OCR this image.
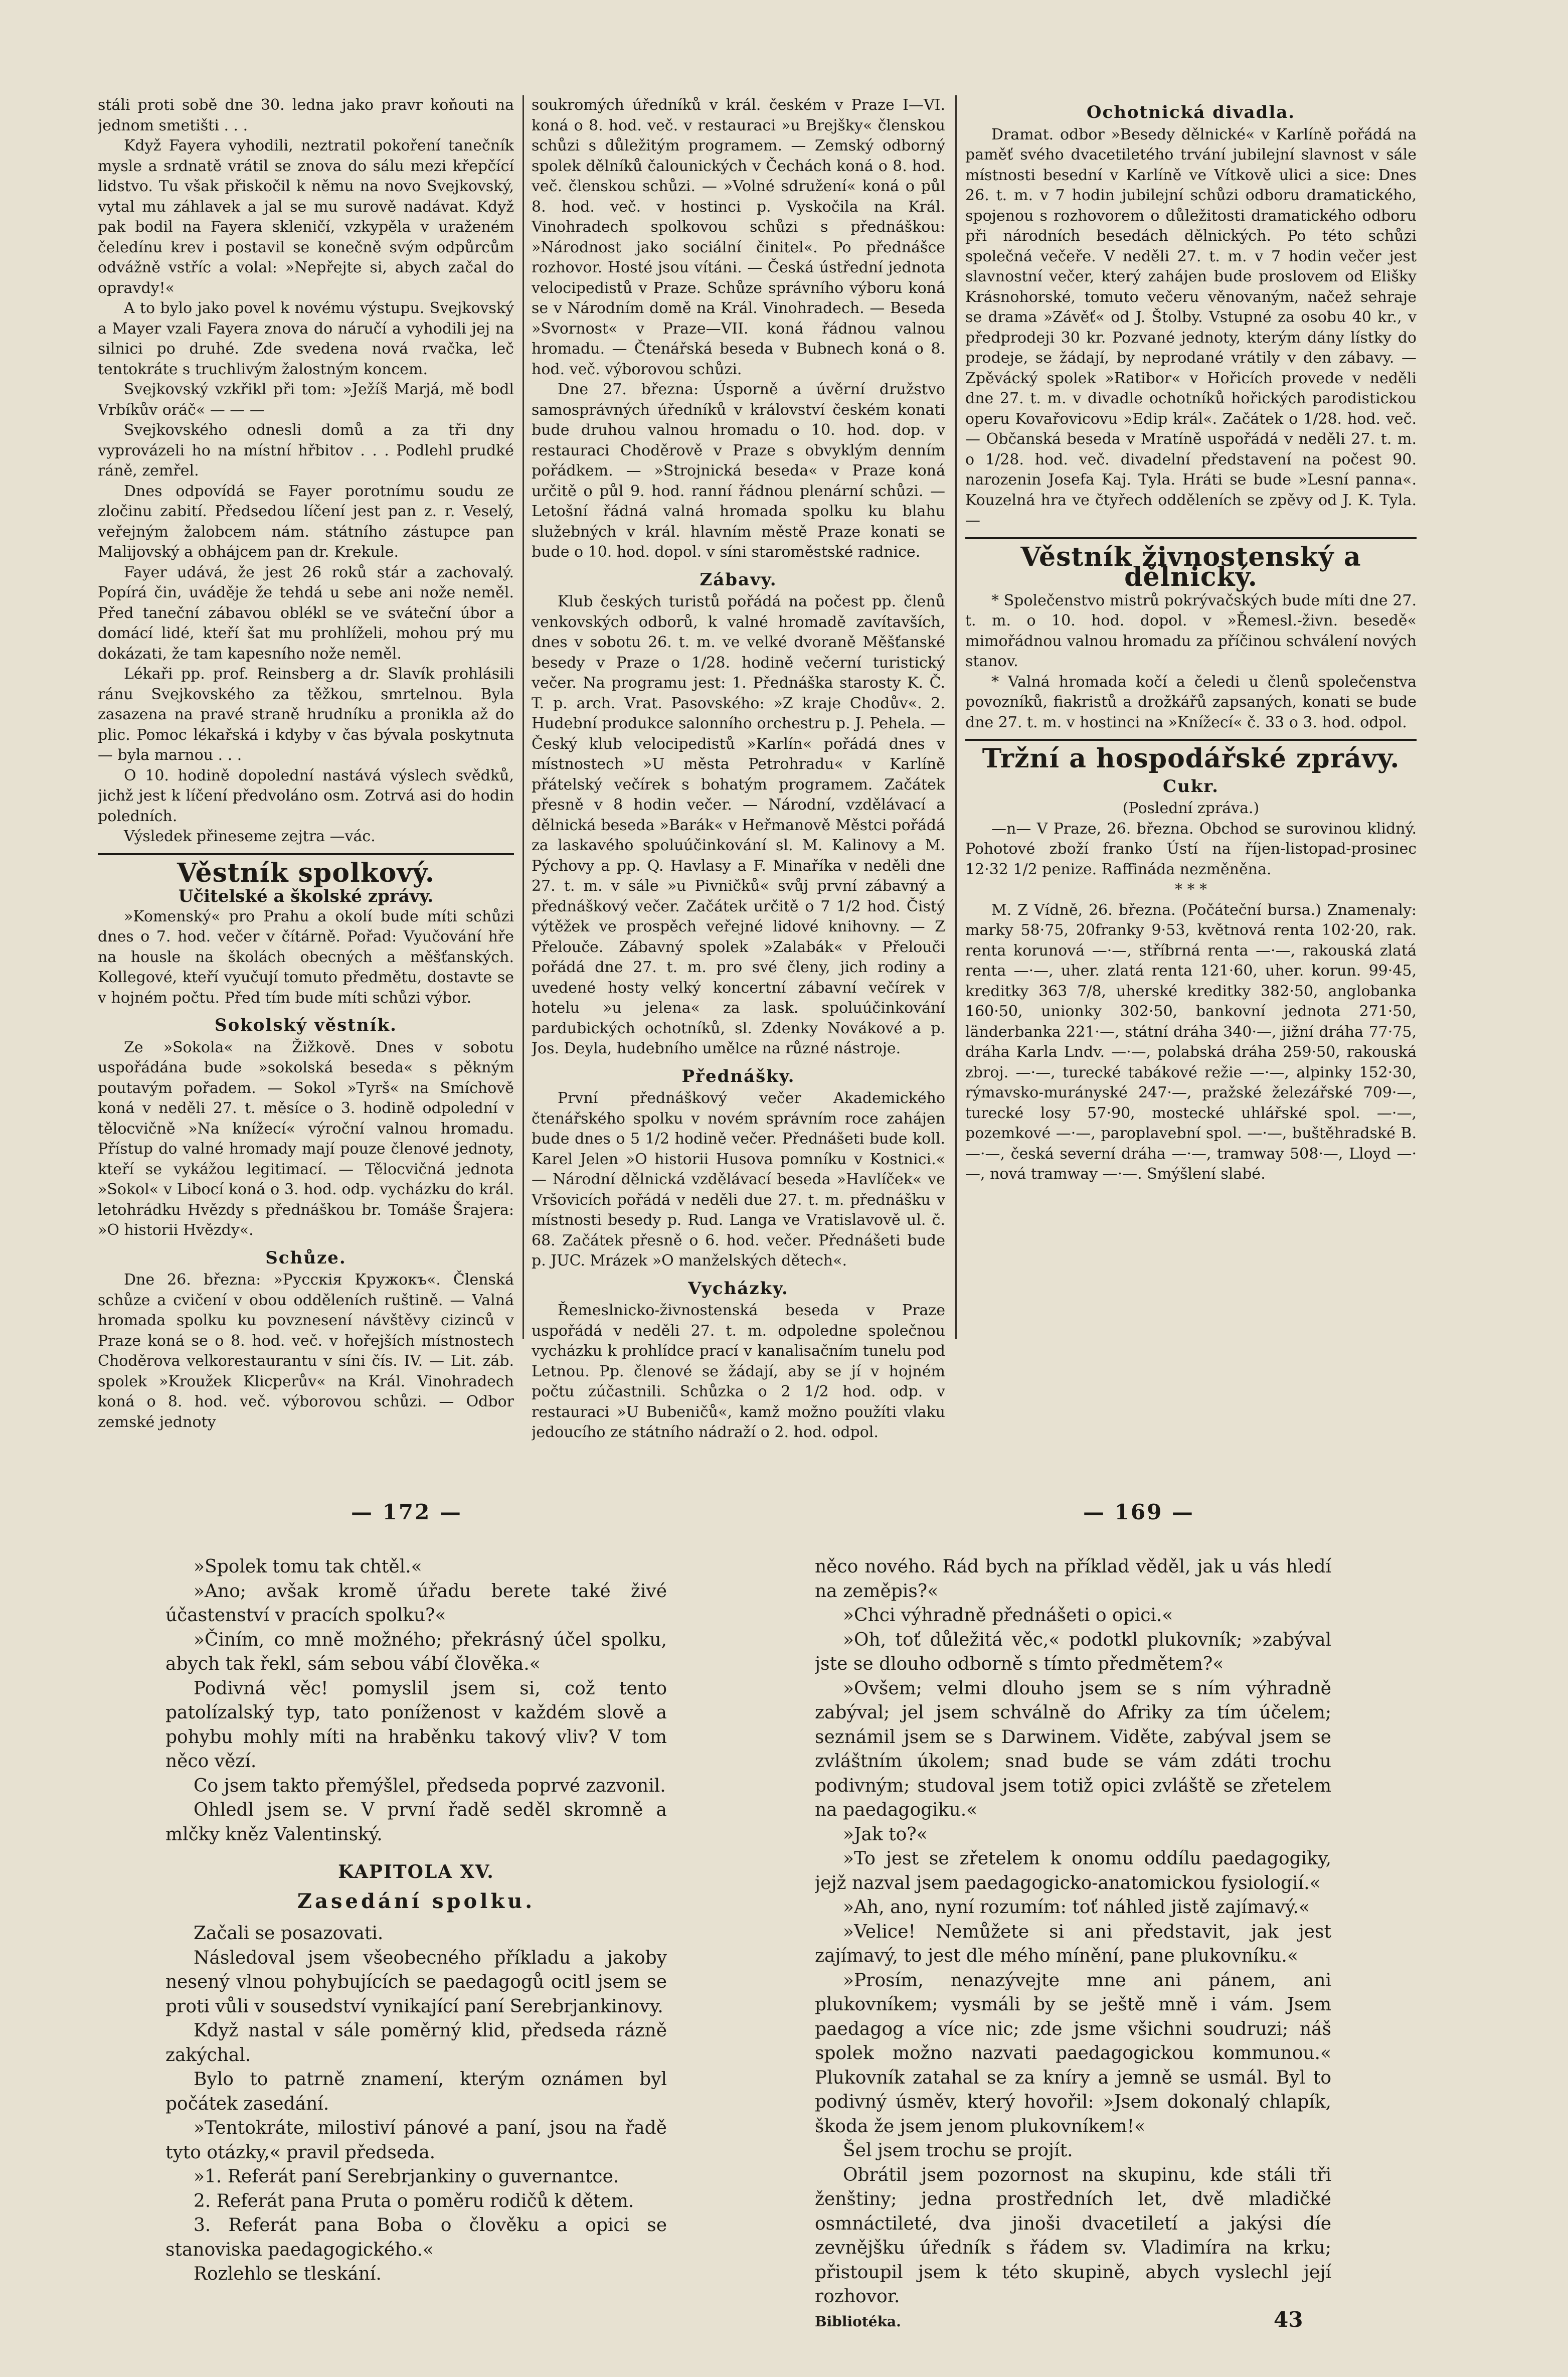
stáli proti sobě dne 30. ledna jako pravr koňouti na jednom smetišti . . .

Když Fayera vyhodili, neztratil pokoření tanečník mysle a srdnatě vrátil se znova do sálu mezi křepčící lidstvo. Tu však přiskočil k němu na novo Svejkovský, vytal mu záhlavek a jal se mu surově nadávat. Když pak bodil na Fayera skleničí, vzkypěla v uraženém čeledínu krev i postavil se konečně svým odpůrcům odvážně vstříc a volal: »Nepřejte si, abych začal do opravdy!«

A to bylo jako povel k novému výstupu. Svejkovský a Mayer vzali Fayera znova do náručí a vyhodili jej na silnici po druhé. Zde svedena nová rvačka, leč tentokráte s truchlivým žalostným koncem.

Svejkovský vzkřikl při tom: »Ježíš Marjá, mě bodl Vrbíkův oráč« — — —

Svejkovského odnesli domů a za tři dny vyprovázeli ho na místní hřbitov . . . Podlehl prudké ráně, zemřel.

Dnes odpovídá se Fayer porotnímu soudu ze zločinu zabití. Předsedou líčení jest pan z. r. Veselý, veřejným žalobcem nám. státního zástupce pan Malijovský a obhájcem pan dr. Krekule.

Fayer udává, že jest 26 roků stár a zachovalý. Popírá čin, uváděje že tehdá u sebe ani nože neměl. Před taneční zábavou oblékl se ve sváteční úbor a domácí lidé, kteří šat mu prohlíželi, mohou prý mu dokázati, že tam kapesního nože neměl.

Lékaři pp. prof. Reinsberg a dr. Slavík prohlásili ránu Svejkovského za těžkou, smrtelnou. Byla zasazena na pravé straně hrudníku a pronikla až do plic. Pomoc lékařská i kdyby v čas bývala poskytnuta — byla marnou . . .

O 10. hodině dopolední nastává výslech svědků, jichž jest k líčení předvoláno osm. Zotrvá asi do hodin poledních.

Výsledek přineseme zejtra —vác.

Věstník spolkový.
Učitelské a školské zprávy.

»Komenský« pro Prahu a okolí bude míti schůzi dnes o 7. hod. večer v čítárně. Pořad: Vyučování hře na housle na školách obecných a měšťanských. Kollegové, kteří vyučují tomuto předmětu, dostavte se v hojném počtu. Před tím bude míti schůzi výbor.

Sokolský věstník.

Ze »Sokola« na Žižkově. Dnes v sobotu uspořádána bude »sokolská beseda« s pěkným poutavým pořadem. — Sokol »Tyrš« na Smíchově koná v neděli 27. t. měsíce o 3. hodině odpolední v tělocvičně »Na knížecí« výroční valnou hromadu. Přístup do valné hromady mají pouze členové jednoty, kteří se vykážou legitimací. — Tělocvičná jednota »Sokol« v Libocí koná o 3. hod. odp. vycházku do král. letohrádku Hvězdy s přednáškou br. Tomáše Šrajera: »O historii Hvězdy«.

Schůze.

Dne 26. března: »Русскія Кружокъ«. Členská schůze a cvičení v obou odděleních ruštině. — Valná hromada spolku ku povznesení návštěvy cizinců v Praze koná se o 8. hod. več. v hořejších místnostech Choděrova velkorestaurantu v síni čís. IV. — Lit. záb. spolek »Kroužek Klicperův« na Král. Vinohradech koná o 8. hod. več. výborovou schůzi. — Odbor zemské jednoty

soukromých úředníků v král. českém v Praze I—VI. koná o 8. hod. več. v restauraci »u Brejšky« členskou schůzi s důležitým programem. — Zemský odborný spolek dělníků čalounických v Čechách koná o 8. hod. več. členskou schůzi. — »Volné sdružení« koná o půl 8. hod. več. v hostinci p. Vyskočila na Král. Vinohradech spolkovou schůzi s přednáškou: »Národnost jako sociální činitel«. Po přednášce rozhovor. Hosté jsou vítáni. — Česká ústřední jednota velocipedistů v Praze. Schůze správního výboru koná se v Národním domě na Král. Vinohradech. — Beseda »Svornost« v Praze—VII. koná řádnou valnou hromadu. — Čtenářská beseda v Bubnech koná o 8. hod. več. výborovou schůzi.

Dne 27. března: Úsporně a úvěrní družstvo samosprávných úředníků v království českém konati bude druhou valnou hromadu o 10. hod. dop. v restauraci Choděrově v Praze s obvyklým denním pořádkem. — »Strojnická beseda« v Praze koná určitě o půl 9. hod. ranní řádnou plenární schůzi. — Letošní řádná valná hromada spolku ku blahu služebných v král. hlavním městě Praze konati se bude o 10. hod. dopol. v síni staroměstské radnice.

Zábavy.

Klub českých turistů pořádá na počest pp. členů venkovských odborů, k valné hromadě zavítavších, dnes v sobotu 26. t. m. ve velké dvoraně Měšťanské besedy v Praze o 1/28. hodině večerní turistický večer. Na programu jest: 1. Přednáška starosty K. Č. T. p. arch. Vrat. Pasovského: »Z kraje Chodův«. 2. Hudební produkce salonního orchestru p. J. Pehela. — Český klub velocipedistů »Karlín« pořádá dnes v místnostech »U města Petrohradu« v Karlíně přátelský večírek s bohatým programem. Začátek přesně v 8 hodin večer. — Národní, vzdělávací a dělnická beseda »Barák« v Heřmanově Městci pořádá za laskavého spoluúčinkování sl. M. Kalinovy a M. Pýchovy a pp. Q. Havlasy a F. Minaříka v neděli dne 27. t. m. v sále »u Pivničků« svůj první zábavný a přednáškový večer. Začátek určitě o 7 1/2 hod. Čistý výtěžek ve prospěch veřejné lidové knihovny. — Z Přelouče. Zábavný spolek »Zalabák« v Přelouči pořádá dne 27. t. m. pro své členy, jich rodiny a uvedené hosty velký koncertní zábavní večírek v hotelu »u jelena« za lask. spoluúčinkování pardubických ochotníků, sl. Zdenky Novákové a p. Jos. Deyla, hudebního umělce na různé nástroje.

Přednášky.

První přednáškový večer Akademického čtenářského spolku v novém správním roce zahájen bude dnes o 5 1/2 hodině večer. Přednášeti bude koll. Karel Jelen »O historii Husova pomníku v Kostnici.« — Národní dělnická vzdělávací beseda »Havlíček« ve Vršovicích pořádá v neděli due 27. t. m. přednášku v místnosti besedy p. Rud. Langa ve Vratislavově ul. č. 68. Začátek přesně o 6. hod. večer. Přednášeti bude p. JUC. Mrázek »O manželských dětech«.

Vycházky.

Řemeslnicko-živnostenská beseda v Praze uspořádá v neděli 27. t. m. odpoledne společnou vycházku k prohlídce prací v kanalisačním tunelu pod Letnou. Pp. členové se žádají, aby se jí v hojném počtu zúčastnili. Schůzka o 2 1/2 hod. odp. v restauraci »U Bubeničů«, kamž možno použíti vlaku jedoucího ze státního nádraží o 2. hod. odpol.

Ochotnická divadla.

Dramat. odbor »Besedy dělnické« v Karlíně pořádá na paměť svého dvacetiletého trvání jubilejní slavnost v sále místnosti besední v Karlíně ve Vítkově ulici a sice: Dnes 26. t. m. v 7 hodin jubilejní schůzi odboru dramatického, spojenou s rozhovorem o důležitosti dramatického odboru při národních besedách dělnických. Po této schůzi společná večeře. V neděli 27. t. m. v 7 hodin večer jest slavnostní večer, který zahájen bude proslovem od Elišky Krásnohorské, tomuto večeru věnovaným, načež sehraje se drama »Závěť« od J. Štolby. Vstupné za osobu 40 kr., v předprodeji 30 kr. Pozvané jednoty, kterým dány lístky do prodeje, se žádají, by neprodané vrátily v den zábavy. — Zpěvácký spolek »Ratibor« v Hořicích provede v neděli dne 27. t. m. v divadle ochotníků hořických parodistickou operu Kovařovicovu »Edip král«. Začátek o 1/28. hod. več. — Občanská beseda v Mratíně uspořádá v neděli 27. t. m. o 1/28. hod. več. divadelní představení na počest 90. narozenin Josefa Kaj. Tyla. Hráti se bude »Lesní panna«. Kouzelná hra ve čtyřech odděleních se zpěvy od J. K. Tyla. —

Věstník živnostenský a dělnický.

* Společenstvo mistrů pokrývačských bude míti dne 27. t. m. o 10. hod. dopol. v »Řemesl.-živn. besedě« mimořádnou valnou hromadu za příčinou schválení nových stanov.

* Valná hromada kočí a čeledi u členů společenstva povozníků, fiakristů a drožkářů zapsaných, konati se bude dne 27. t. m. v hostinci na »Knížecí« č. 33 o 3. hod. odpol.

Tržní a hospodářské zprávy.
Cukr.
(Poslední zpráva.)

—n— V Praze, 26. března. Obchod se surovinou klidný. Pohotové zboží franko Ústí na říjen-listopad-prosinec 12·32 1/2 penize. Raffináda nezměněna.

* * *

M. Z Vídně, 26. března. (Počáteční bursa.) Znamenaly: marky 58·75, 20franky 9·53, květnová renta 102·20, rak. renta korunová —·—, stříbrná renta —·—, rakouská zlatá renta —·—, uher. zlatá renta 121·60, uher. korun. 99·45, kreditky 363 7/8, uherské kreditky 382·50, anglobanka 160·50, unionky 302·50, bankovní jednota 271·50, länderbanka 221·—, státní dráha 340·—, jižní dráha 77·75, dráha Karla Lndv. —·—, polabská dráha 259·50, rakouská zbroj. —·—, turecké tabákové režie —·—, alpinky 152·30, rýmavsko-murányské 247·—, pražské železářské 709·—, turecké losy 57·90, mostecké uhlářské spol. —·—, pozemkové —·—, paroplavební spol. —·—, buštěhradské B. —·—, česká severní dráha —·—, tramway 508·—, Lloyd —·—, nová tramway —·—. Smýšlení slabé.

— 172 —	— 169 —

»Spolek tomu tak chtěl.«

»Ano; avšak kromě úřadu berete také živé účastenství v pracích spolku?«

»Činím, co mně možného; překrásný účel spolku, abych tak řekl, sám sebou vábí člověka.«

Podivná věc! pomyslil jsem si, což tento patolízalský typ, tato poníženost v každém slově a pohybu mohly míti na hraběnku takový vliv? V tom něco vězí.

Co jsem takto přemýšlel, předseda poprvé zazvonil.

Ohledl jsem se. V první řadě seděl skromně a mlčky kněz Valentinský.

KAPITOLA XV.
Zasedání spolku.

Začali se posazovati.

Následoval jsem všeobecného příkladu a jakoby nesený vlnou pohybujících se paedagogů ocitl jsem se proti vůli v sousedství vynikající paní Serebrjankinovy.

Když nastal v sále poměrný klid, předseda rázně zakýchal.

Bylo to patrně znamení, kterým oznámen byl počátek zasedání.

»Tentokráte, milostiví pánové a paní, jsou na řadě tyto otázky,« pravil předseda.

»1. Referát paní Serebrjankiny o guvernantce.

2. Referát pana Pruta o poměru rodičů k dětem.

3. Referát pana Boba o člověku a opici se stanoviska paedagogického.«

Rozlehlo se tleskání.

něco nového. Rád bych na příklad věděl, jak u vás hledí na zeměpis?«

»Chci výhradně přednášeti o opici.«

»Oh, toť důležitá věc,« podotkl plukovník; »zabýval jste se dlouho odborně s tímto předmětem?«

»Ovšem; velmi dlouho jsem se s ním výhradně zabýval; jel jsem schválně do Afriky za tím účelem; seznámil jsem se s Darwinem. Viděte, zabýval jsem se zvláštním úkolem; snad bude se vám zdáti trochu podivným; studoval jsem totiž opici zvláště se zřetelem na paedagogiku.«

»Jak to?«

»To jest se zřetelem k onomu oddílu paedagogiky, jejž nazval jsem paedagogicko-anatomickou fysiologií.«

»Ah, ano, nyní rozumím: toť náhled jistě zajímavý.«

»Velice! Nemůžete si ani představit, jak jest zajímavý, to jest dle mého mínění, pane plukovníku.«

»Prosím, nenazývejte mne ani pánem, ani plukovníkem; vysmáli by se ještě mně i vám. Jsem paedagog a více nic; zde jsme všichni soudruzi; náš spolek možno nazvati paedagogickou kommunou.« Plukovník zatahal se za kníry a jemně se usmál. Byl to podivný úsměv, který hovořil: »Jsem dokonalý chlapík, škoda že jsem jenom plukovníkem!«

Šel jsem trochu se projít.

Obrátil jsem pozornost na skupinu, kde stáli tři ženštiny; jedna prostředních let, dvě mladičké osmnáctileté, dva jinoši dvacetiletí a jakýsi díe zevnějšku úředník s řádem sv. Vladimíra na krku; přistoupil jsem k této skupině, abych vyslechl její rozhovor.

Bibliotéka.	43
